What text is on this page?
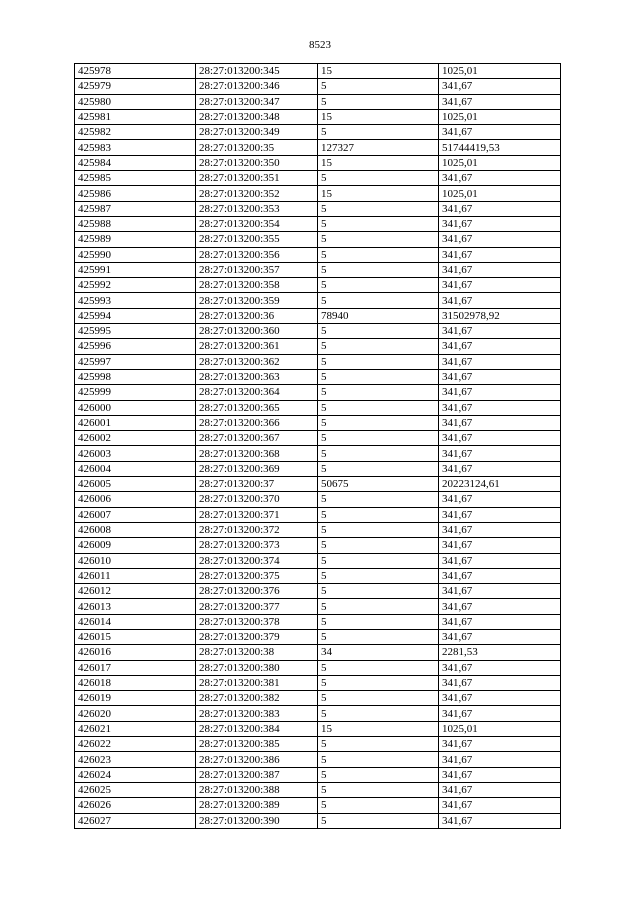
8523
425978	28:27:013200:345	15	1025,01
425979	28:27:013200:346	5	341,67
425980	28:27:013200:347	5	341,67
425981	28:27:013200:348	15	1025,01
425982	28:27:013200:349	5	341,67
425983	28:27:013200:35	127327	51744419,53
425984	28:27:013200:350	15	1025,01
425985	28:27:013200:351	5	341,67
425986	28:27:013200:352	15	1025,01
425987	28:27:013200:353	5	341,67
425988	28:27:013200:354	5	341,67
425989	28:27:013200:355	5	341,67
425990	28:27:013200:356	5	341,67
425991	28:27:013200:357	5	341,67
425992	28:27:013200:358	5	341,67
425993	28:27:013200:359	5	341,67
425994	28:27:013200:36	78940	31502978,92
425995	28:27:013200:360	5	341,67
425996	28:27:013200:361	5	341,67
425997	28:27:013200:362	5	341,67
425998	28:27:013200:363	5	341,67
425999	28:27:013200:364	5	341,67
426000	28:27:013200:365	5	341,67
426001	28:27:013200:366	5	341,67
426002	28:27:013200:367	5	341,67
426003	28:27:013200:368	5	341,67
426004	28:27:013200:369	5	341,67
426005	28:27:013200:37	50675	20223124,61
426006	28:27:013200:370	5	341,67
426007	28:27:013200:371	5	341,67
426008	28:27:013200:372	5	341,67
426009	28:27:013200:373	5	341,67
426010	28:27:013200:374	5	341,67
426011	28:27:013200:375	5	341,67
426012	28:27:013200:376	5	341,67
426013	28:27:013200:377	5	341,67
426014	28:27:013200:378	5	341,67
426015	28:27:013200:379	5	341,67
426016	28:27:013200:38	34	2281,53
426017	28:27:013200:380	5	341,67
426018	28:27:013200:381	5	341,67
426019	28:27:013200:382	5	341,67
426020	28:27:013200:383	5	341,67
426021	28:27:013200:384	15	1025,01
426022	28:27:013200:385	5	341,67
426023	28:27:013200:386	5	341,67
426024	28:27:013200:387	5	341,67
426025	28:27:013200:388	5	341,67
426026	28:27:013200:389	5	341,67
426027	28:27:013200:390	5	341,67
